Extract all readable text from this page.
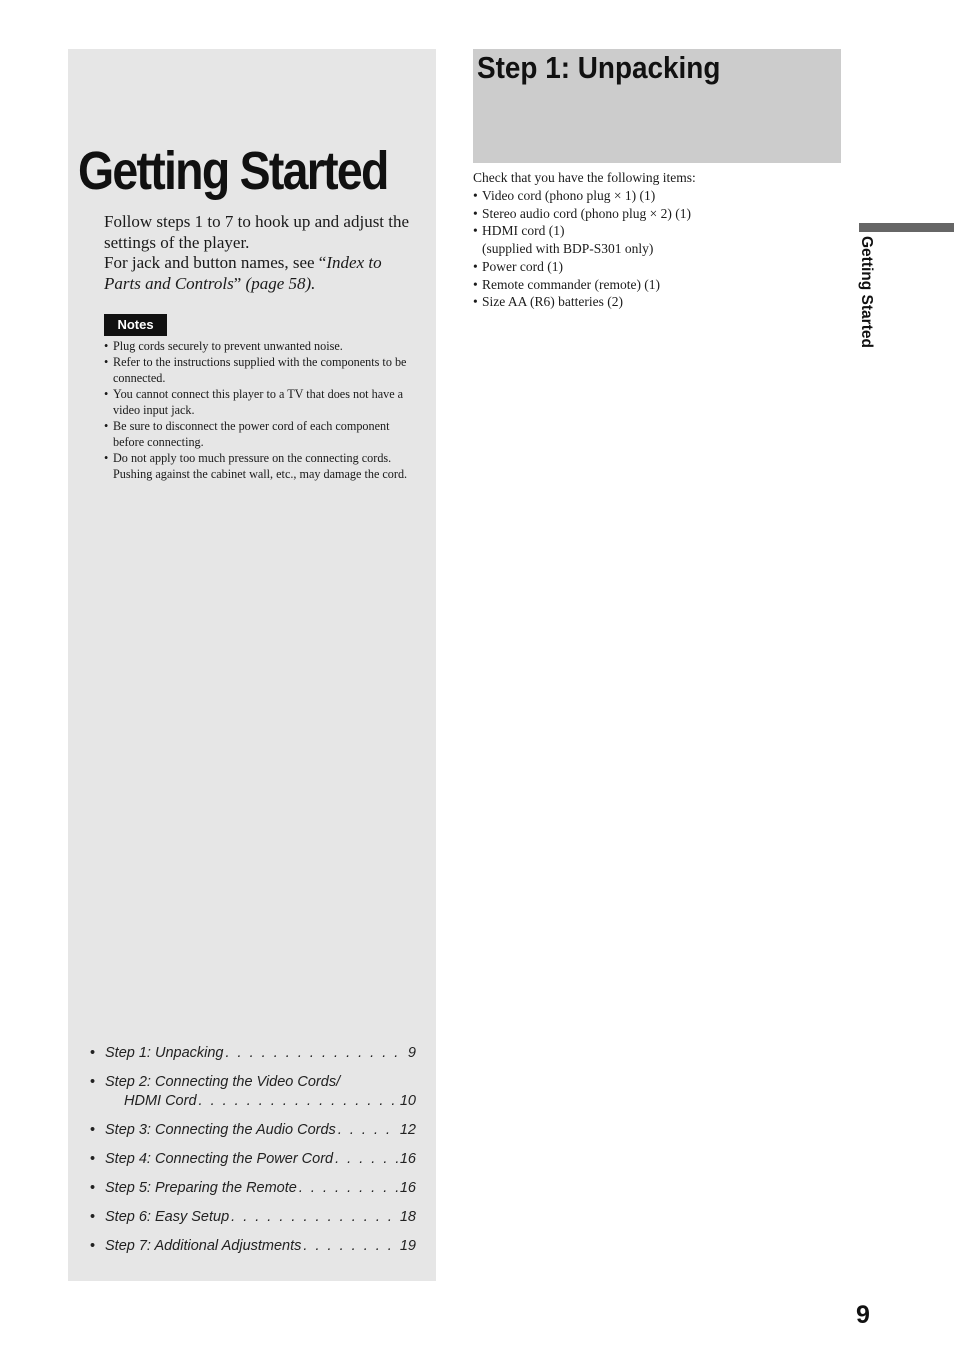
Getting Started

Follow steps 1 to 7 to hook up and adjust the settings of the player.

For jack and button names, see “Index to Parts and Controls” (page 58).

Notes
• Plug cords securely to prevent unwanted noise.
• Refer to the instructions supplied with the components to be connected.
• You cannot connect this player to a TV that does not have a video input jack.
• Be sure to disconnect the power cord of each component before connecting.
• Do not apply too much pressure on the connecting cords. Pushing against the cabinet wall, etc., may damage the cord.
• Step 1: Unpacking . . .	9
• Step 2: Connecting the Video Cords/
HDMI Cord . . .	10
• Step 3: Connecting the Audio Cords . . .	12
• Step 4: Connecting the Power Cord . . .	16
• Step 5: Preparing the Remote . . .	16
• Step 6: Easy Setup . . .	18
• Step 7: Additional Adjustments . . .	19
Step 1: Unpacking

Check that you have the following items:

• Video cord (phono plug × 1) (1)
• Stereo audio cord (phono plug × 2) (1)
• HDMI cord (1)
(supplied with BDP-S301 only)
• Power cord (1)
• Remote commander (remote) (1)
• Size AA (R6) batteries (2)	Getting Started
9
